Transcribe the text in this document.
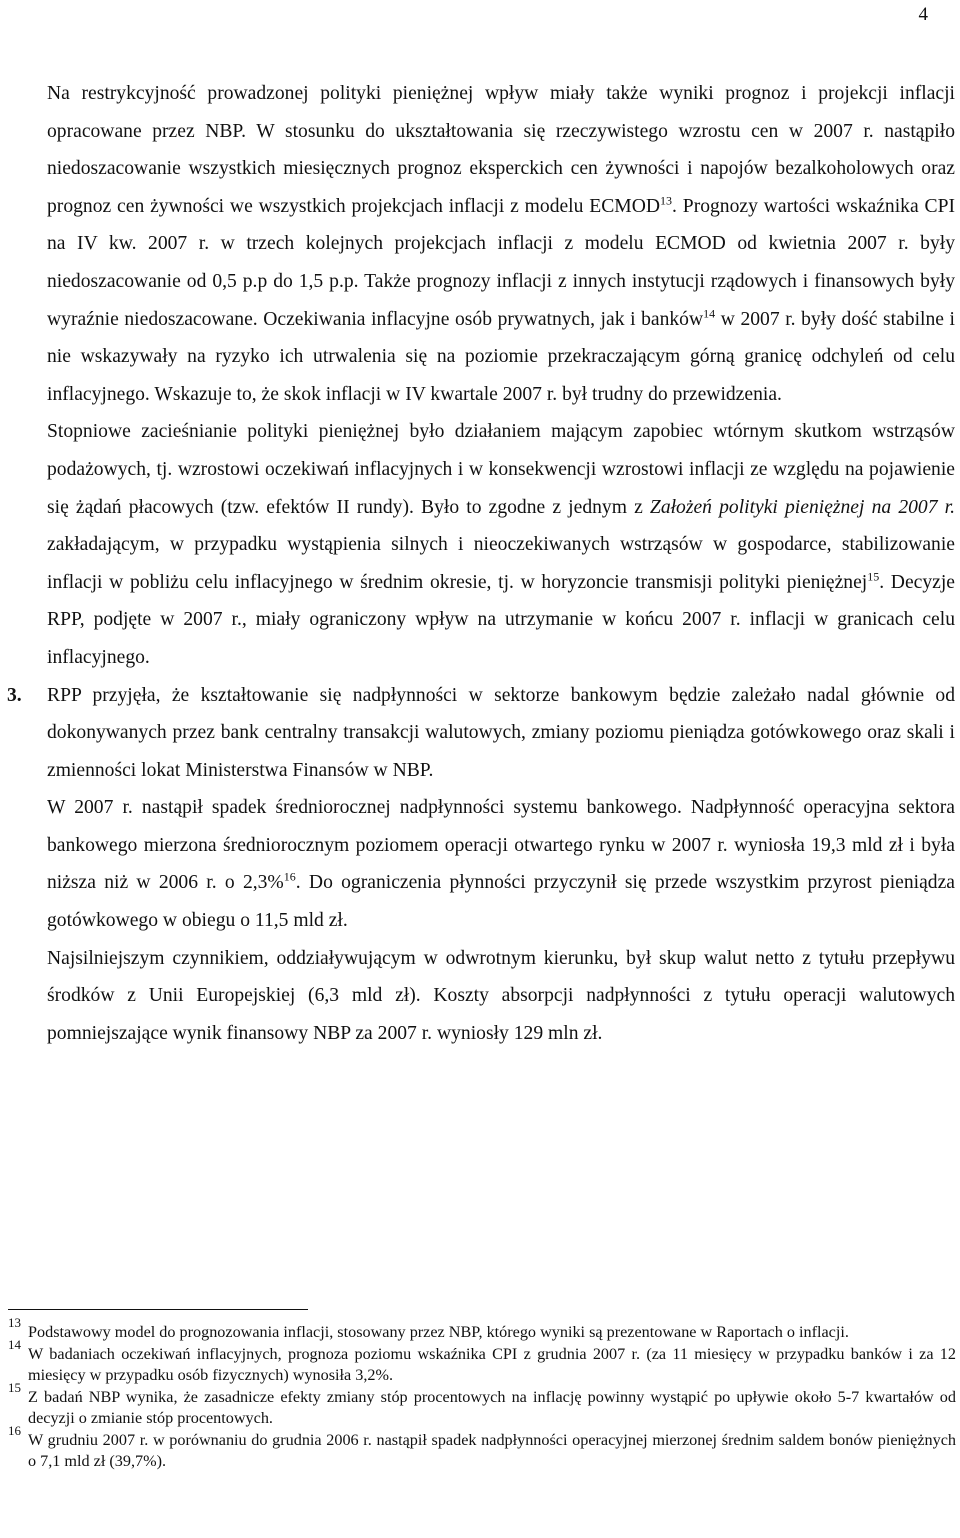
4

Na restrykcyjność prowadzonej polityki pieniężnej wpływ miały także wyniki prognoz i projekcji inflacji opracowane przez NBP. W stosunku do ukształtowania się rzeczywistego wzrostu cen w 2007 r. nastąpiło niedoszacowanie wszystkich miesięcznych prognoz eksperckich cen żywności i napojów bezalkoholowych oraz prognoz cen żywności we wszystkich projekcjach inflacji z modelu ECMOD$^{13}$. Prognozy wartości wskaźnika CPI na IV kw. 2007 r. w trzech kolejnych projekcjach inflacji z modelu ECMOD od kwietnia 2007 r. były niedoszacowanie od 0,5 p.p do 1,5 p.p. Także prognozy inflacji z innych instytucji rządowych i finansowych były wyraźnie niedoszacowane. Oczekiwania inflacyjne osób prywatnych, jak i banków$^{14}$ w 2007 r. były dość stabilne i nie wskazywały na ryzyko ich utrwalenia się na poziomie przekraczającym górną granicę odchyleń od celu inflacyjnego. Wskazuje to, że skok inflacji w IV kwartale 2007 r. był trudny do przewidzenia.

Stopniowe zacieśnianie polityki pieniężnej było działaniem mającym zapobiec wtórnym skutkom wstrząsów podażowych, tj. wzrostowi oczekiwań inflacyjnych i w konsekwencji wzrostowi inflacji ze względu na pojawienie się żądań płacowych (tzw. efektów II rundy). Było to zgodne z jednym z Założeń polityki pieniężnej na 2007 r. zakładającym, w przypadku wystąpienia silnych i nieoczekiwanych wstrząsów w gospodarce, stabilizowanie inflacji w pobliżu celu inflacyjnego w średnim okresie, tj. w horyzoncie transmisji polityki pieniężnej$^{15}$. Decyzje RPP, podjęte w 2007 r., miały ograniczony wpływ na utrzymanie w końcu 2007 r. inflacji w granicach celu inflacyjnego.

3. RPP przyjęła, że kształtowanie się nadpłynności w sektorze bankowym będzie zależało nadal głównie od dokonywanych przez bank centralny transakcji walutowych, zmiany poziomu pieniądza gotówkowego oraz skali i zmienności lokat Ministerstwa Finansów w NBP.

W 2007 r. nastąpił spadek średniorocznej nadpłynności systemu bankowego. Nadpłynność operacyjna sektora bankowego mierzona średniorocznym poziomem operacji otwartego rynku w 2007 r. wyniosła 19,3 mld zł i była niższa niż w 2006 r. o 2,3%$^{16}$. Do ograniczenia płynności przyczynił się przede wszystkim przyrost pieniądza gotówkowego w obiegu o 11,5 mld zł.

Najsilniejszym czynnikiem, oddziaływującym w odwrotnym kierunku, był skup walut netto z tytułu przepływu środków z Unii Europejskiej (6,3 mld zł). Koszty absorpcji nadpłynności z tytułu operacji walutowych pomniejszające wynik finansowy NBP za 2007 r. wyniosły 129 mln zł.

13
Podstawowy model do prognozowania inflacji, stosowany przez NBP, którego wyniki są prezentowane w Raportach o inflacji.
14
W badaniach oczekiwań inflacyjnych, prognoza poziomu wskaźnika CPI z grudnia 2007 r. (za 11 miesięcy w przypadku banków i za 12 miesięcy w przypadku osób fizycznych) wynosiła 3,2%.
15
Z badań NBP wynika, że zasadnicze efekty zmiany stóp procentowych na inflację powinny wystąpić po upływie około 5-7 kwartałów od decyzji o zmianie stóp procentowych.
16
W grudniu 2007 r. w porównaniu do grudnia 2006 r. nastąpił spadek nadpłynności operacyjnej mierzonej średnim saldem bonów pieniężnych o 7,1 mld zł (39,7%).
